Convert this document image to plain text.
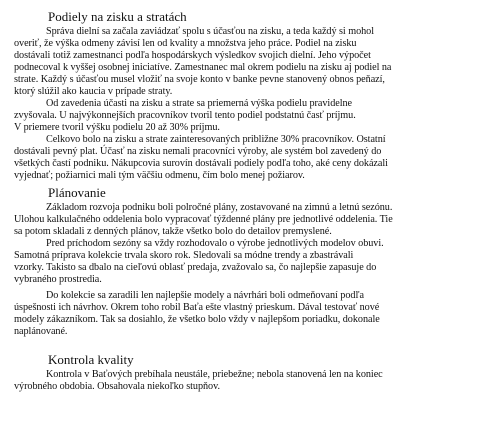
Podiely na zisku a stratách
Správa dielní sa začala zaviádzať spolu s účasťou na zisku, a teda každý si mohol
overiť, že výška odmeny závisí len od kvality a množstva jeho práce. Podiel na zisku
dostávali totiž zamestnanci podľa hospodárskych výsledkov svojich dielní. Jeho výpočet
podnecoval k vyššej osobnej iniciatíve. Zamestnanec mal okrem podielu na zisku aj podiel na
strate. Každý s účasťou musel vložiť na svoje konto v banke pevne stanovený obnos peňazí,
ktorý slúžil ako kaucia v prípade straty.
Od zavedenia účasti na zisku a strate sa priemerná výška podielu pravidelne
zvyšovala. U najvýkonnejších pracovníkov tvoril tento podiel podstatnú časť príjmu.
V priemere tvoril výšku podielu 20 až 30% príjmu.
Celkovo bolo na zisku a strate zainteresovaných približne 30% pracovníkov. Ostatní
dostávali pevný plat. Účasť na zisku nemali pracovníci výroby, ale systém bol zavedený do
všetkých častí podniku. Nákupcovia surovín dostávali podiely podľa toho, aké ceny dokázali
vyjednať; požiarnici mali tým väčšiu odmenu, čím bolo menej požiarov.
Plánovanie
Základom rozvoja podniku boli polročné plány, zostavované na zimnú a letnú sezónu.
Ulohou kalkulačného oddelenia bolo vypracovať týždenné plány pre jednotlivé oddelenia. Tie
sa potom skladali z denných plánov, takže všetko bolo do detailov premyslené.
Pred príchodom sezóny sa vždy rozhodovalo o výrobe jednotlivých modelov obuvi.
Samotná príprava kolekcie trvala skoro rok. Sledovali sa módne trendy a zbastrávali
vzorky. Takisto sa dbalo na cieľovú oblasť predaja, zvažovalo sa, čo najlepšie zapasuje do
vybraného prostredia.
Do kolekcie sa zaradili len najlepšie modely a návrhári boli odmeňovaní podľa
úspešnosti ich návrhov. Okrem toho robil Baťa ešte vlastný prieskum. Dával testovať nové
modely zákazníkom. Tak sa dosiahlo, že všetko bolo vždy v najlepšom poriadku, dokonale
naplánované.
Kontrola kvality
Kontrola v Baťových prebíhala neustále, priebežne; nebola stanovená len na koniec
výrobného obdobia. Obsahovala niekoľko stupňov.
